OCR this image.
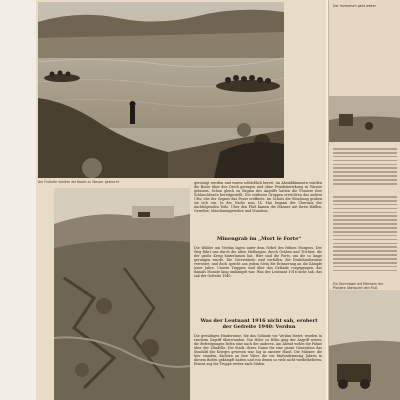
Am Flußufer werden die Boote zu Wasser gebracht	gereinigt werden und waren schließlich bereit. Im Abenddämmern wurden die Boote über den Deich getragen und ohne Feindeinwirkung zu Wasser gelassen. Schon gleich zu Beginn des Angriffs hatten die Pioniere ihre Schlauchboote bereitgestellt. Die vorderen Gruppen erreichten das andere Ufer, ehe der Gegner das Feuer eröffnete. Im Schutz der Böschung gruben sie sich ein. In der Nacht zum 14. Mai begann der Übersatz der nachfolgenden Teile. Über den Fluß kamen die Männer mit ihren Waffen, Gewehre, Maschinengewehre und Munition.
Minengrab im „Mort le Forte“
Die Wälder um Verdun lagen unter dem Nebel des frühen Morgens. Der Weg führt uns durch die alten Stellungen, durch Gräben und Trichter, die der große Krieg hinterlassen hat. Hier sind die Forts, um die so lange gerungen wurde. Die Unterstände sind verfallen, die Drahthindernisse verrostet, und doch spricht aus jedem Stein die Erinnerung an die Kämpfe jener Jahre. Unsere Truppen sind über das Gelände vorgegangen, das damals Monate lang umkämpft war. Was der Leutnant 1916 nicht sah, das sah der Gefreite 1940.
Was der Leutnant 1916 nicht sah, erobert der Gefreite 1940: Verdun
Die gewaltigen Hindernisse, die das Gelände vor Verdun bietet, wurden in raschem Zugriff überwunden. Von Höhe zu Höhe ging der Angriff weiter, die Befestigungen fielen eine nach der anderen. Am Abend wehte die Fahne über der Zitadelle. Die Stadt, deren Name für eine ganze Generation das Sinnbild des Krieges gewesen war, lag in unserer Hand. Die Männer, die hier standen, dachten an ihre Väter, die vor fünfundzwanzig Jahren in diesem Boden gekämpft hatten und von denen so viele nicht wiederkehrten. Erneut zog die Truppe weiter nach Süden.
Der Vormarsch geht weiter
Ein Sturmboot mit Männern der Pioniere überquert den Fluß
